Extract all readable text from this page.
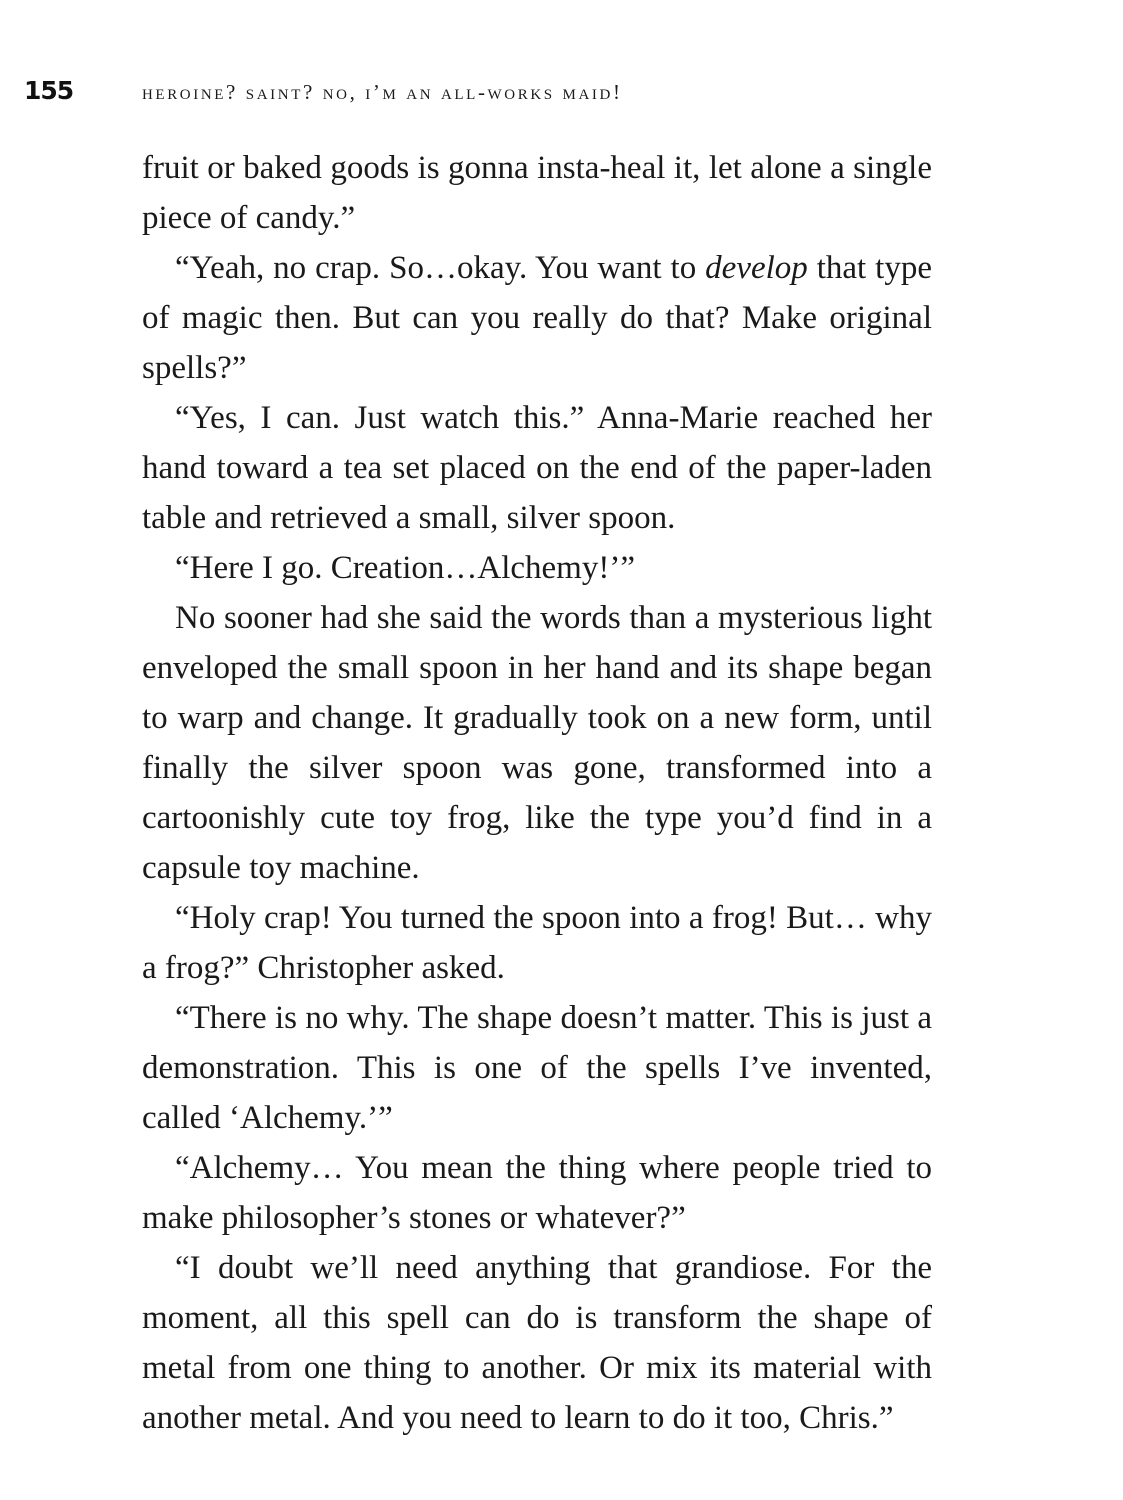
155	heroine? saint? no, i’m an all-works maid!

fruit or baked goods is gonna insta-heal it, let alone a single piece of candy.”

“Yeah, no crap. So…okay. You want to develop that type of magic then. But can you really do that? Make original spells?”

“Yes, I can. Just watch this.” Anna-Marie reached her hand toward a tea set placed on the end of the paper-laden table and retrieved a small, silver spoon.

“Here I go. Creation…Alchemy!’”

No sooner had she said the words than a mysterious light enveloped the small spoon in her hand and its shape began to warp and change. It gradually took on a new form, until finally the silver spoon was gone, transformed into a cartoonishly cute toy frog, like the type you’d find in a capsule toy machine.

“Holy crap! You turned the spoon into a frog! But… why a frog?” Christopher asked.

“There is no why. The shape doesn’t matter. This is just a demonstration. This is one of the spells I’ve invented, called ‘Alchemy.’”

“Alchemy… You mean the thing where people tried to make philosopher’s stones or whatever?”

“I doubt we’ll need anything that grandiose. For the moment, all this spell can do is transform the shape of metal from one thing to another. Or mix its material with another metal. And you need to learn to do it too, Chris.”
